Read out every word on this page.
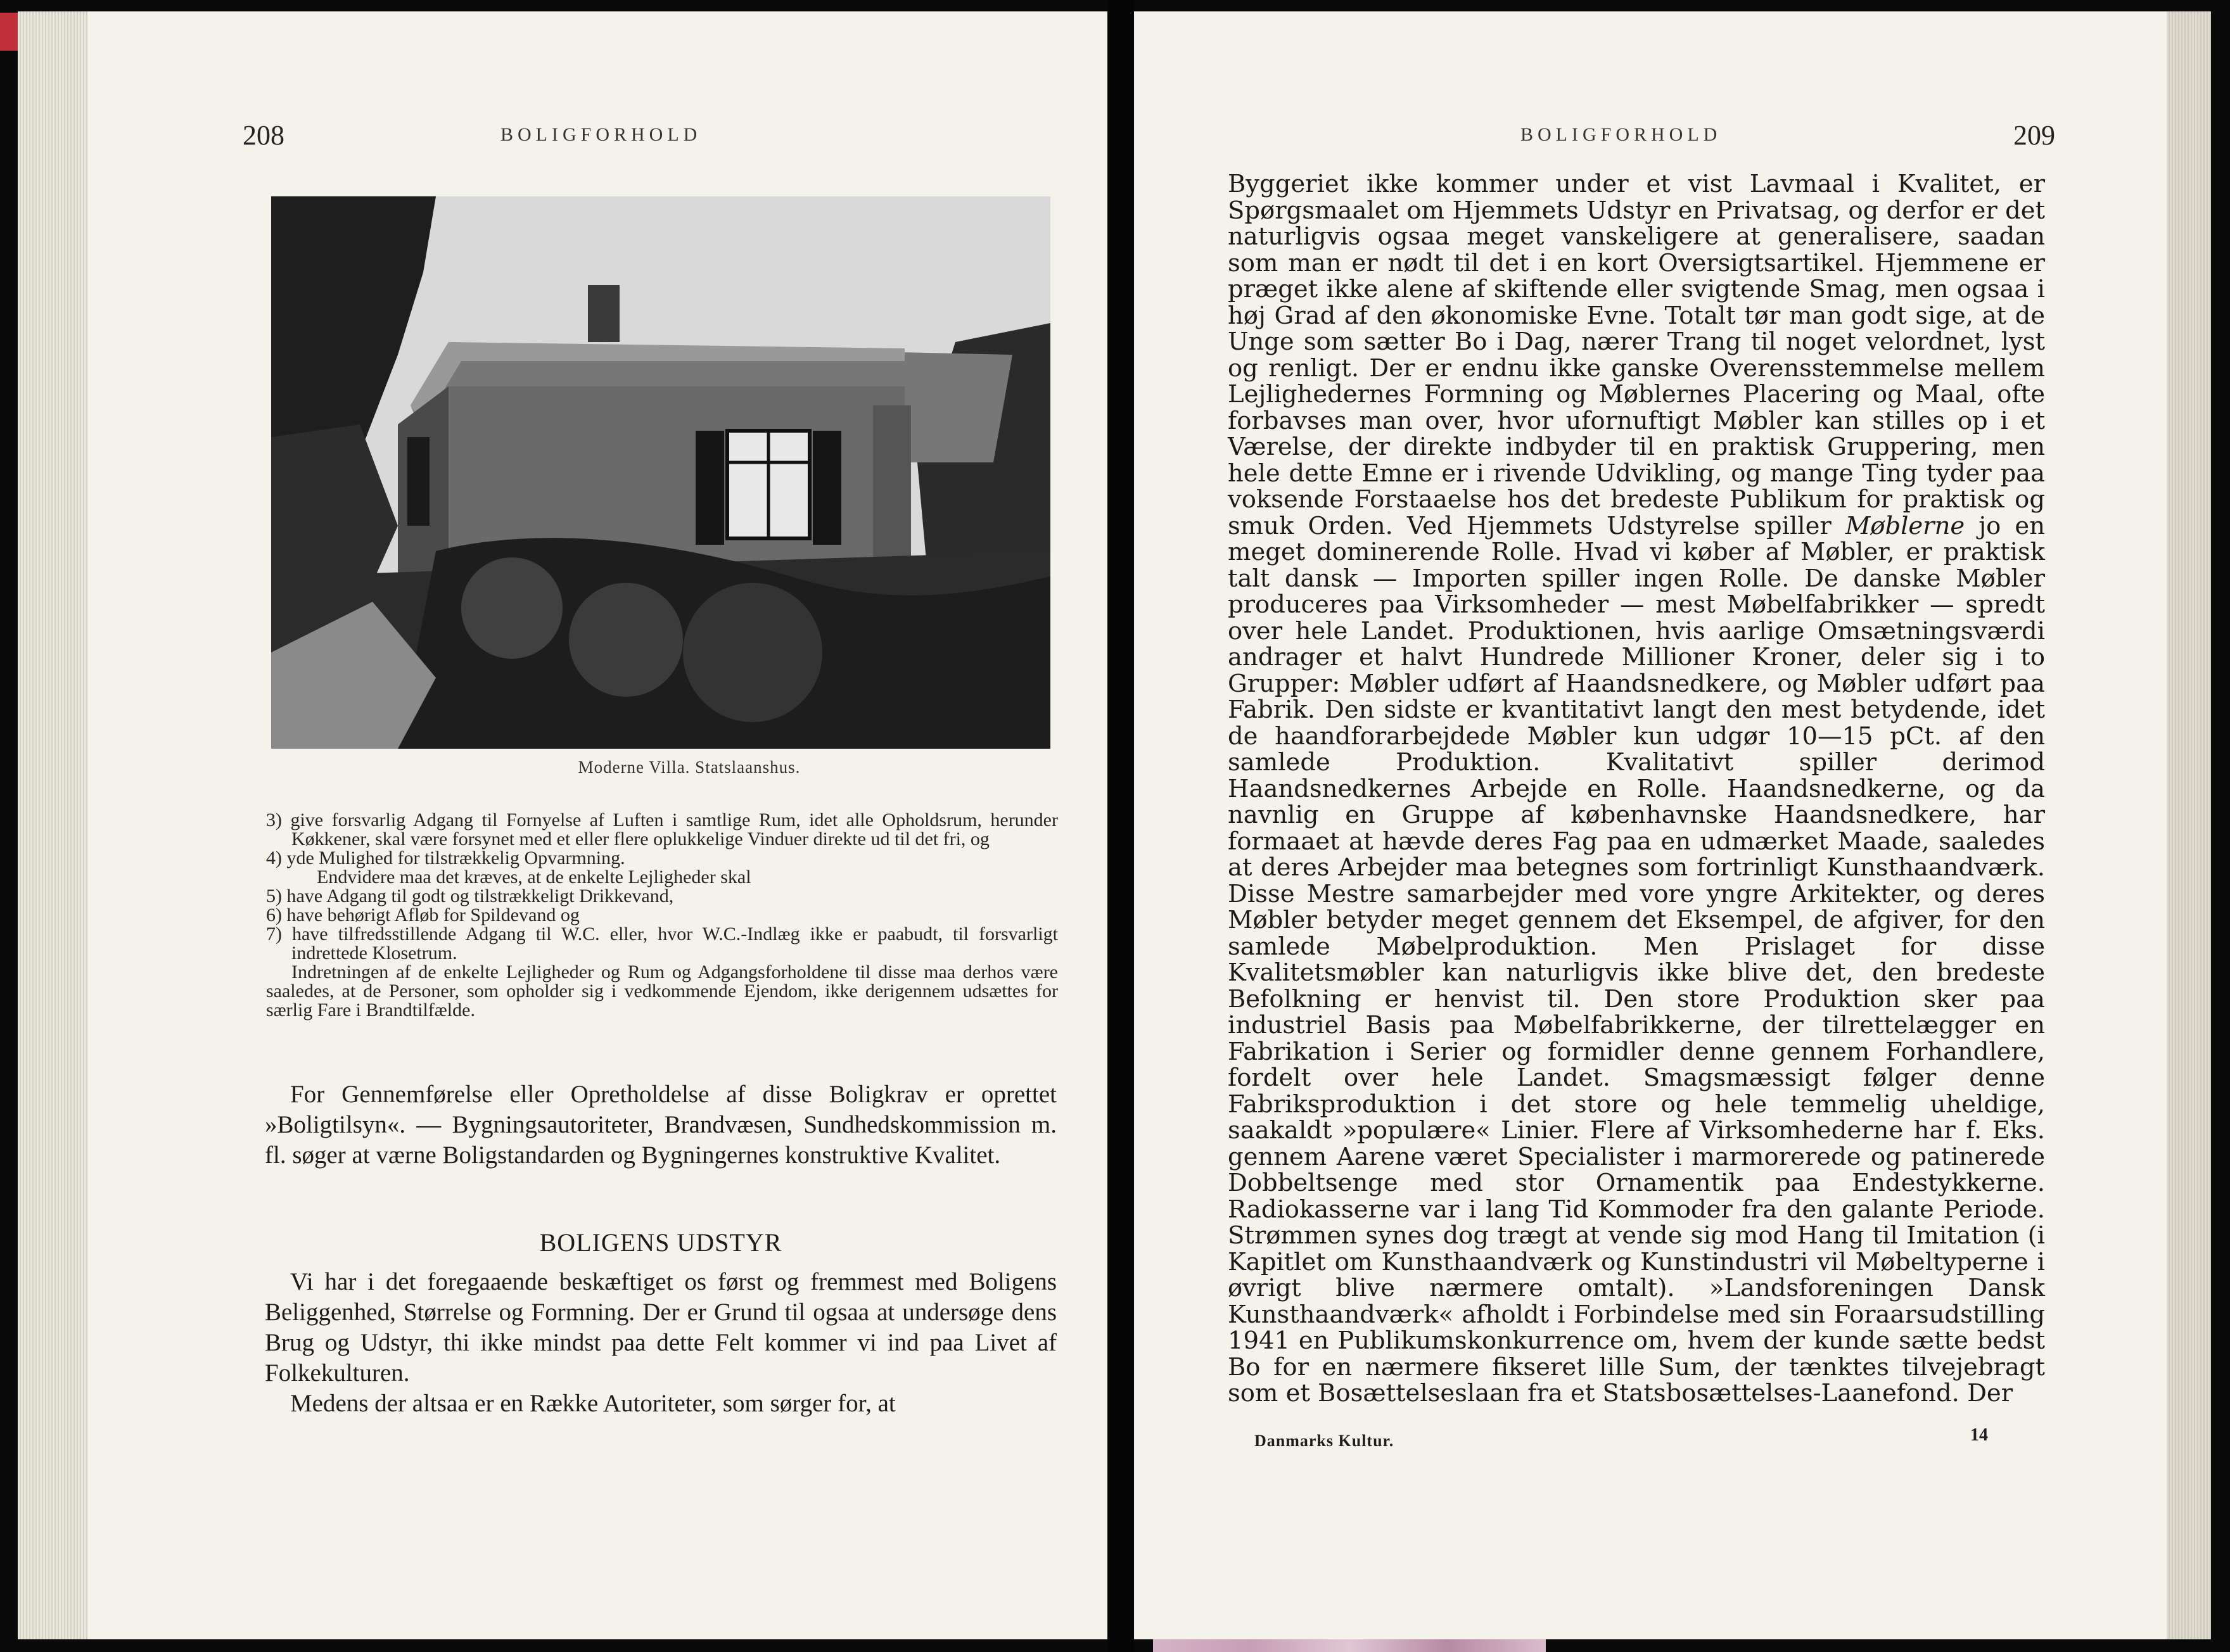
208	BOLIGFORHOLD
Moderne Villa. Statslaanshus.

3) give forsvarlig Adgang til Fornyelse af Luften i samtlige Rum, idet alle Opholdsrum, herunder Køkkener, skal være forsynet med et eller flere oplukkelige Vinduer direkte ud til det fri, og

4) yde Mulighed for tilstrækkelig Opvarmning.

Endvidere maa det kræves, at de enkelte Lejligheder skal

5) have Adgang til godt og tilstrækkeligt Drikkevand,

6) have behørigt Afløb for Spildevand og

7) have tilfredsstillende Adgang til W.C. eller, hvor W.C.-Indlæg ikke er paabudt, til forsvarligt indrettede Klosetrum.

Indretningen af de enkelte Lejligheder og Rum og Adgangsforholdene til disse maa derhos være saaledes, at de Personer, som opholder sig i vedkommende Ejendom, ikke derigennem udsættes for særlig Fare i Brandtilfælde.

For Gennemførelse eller Opretholdelse af disse Boligkrav er oprettet »Boligtilsyn«. — Bygningsautoriteter, Brandvæsen, Sundhedskommission m. fl. søger at værne Boligstandarden og Bygningernes konstruktive Kvalitet.

BOLIGENS UDSTYR

Vi har i det foregaaende beskæftiget os først og fremmest med Boligens Beliggenhed, Størrelse og Formning. Der er Grund til ogsaa at undersøge dens Brug og Udstyr, thi ikke mindst paa dette Felt kommer vi ind paa Livet af Folkekulturen.

Medens der altsaa er en Række Autoriteter, som sørger for, at

BOLIGFORHOLD	209

Byggeriet ikke kommer under et vist Lavmaal i Kvalitet, er Spørgsmaalet om Hjemmets Udstyr en Privatsag, og derfor er det naturligvis ogsaa meget vanskeligere at generalisere, saadan som man er nødt til det i en kort Oversigtsartikel. Hjemmene er præget ikke alene af skiftende eller svigtende Smag, men ogsaa i høj Grad af den økonomiske Evne. Totalt tør man godt sige, at de Unge som sætter Bo i Dag, nærer Trang til noget velordnet, lyst og renligt. Der er endnu ikke ganske Overensstemmelse mellem Lejlighedernes Formning og Møblernes Placering og Maal, ofte forbavses man over, hvor ufornuftigt Møbler kan stilles op i et Værelse, der direkte indbyder til en praktisk Gruppering, men hele dette Emne er i rivende Udvikling, og mange Ting tyder paa voksende Forstaaelse hos det bredeste Publikum for praktisk og smuk Orden. Ved Hjemmets Udstyrelse spiller Møblerne jo en meget dominerende Rolle. Hvad vi køber af Møbler, er praktisk talt dansk — Importen spiller ingen Rolle. De danske Møbler produceres paa Virksomheder — mest Møbelfabrikker — spredt over hele Landet. Produktionen, hvis aarlige Omsætningsværdi andrager et halvt Hundrede Millioner Kroner, deler sig i to Grupper: Møbler udført af Haandsnedkere, og Møbler udført paa Fabrik. Den sidste er kvantitativt langt den mest betydende, idet de haandforarbejdede Møbler kun udgør 10—15 pCt. af den samlede Produktion. Kvalitativt spiller derimod Haandsnedkernes Arbejde en Rolle. Haandsnedkerne, og da navnlig en Gruppe af københavnske Haandsnedkere, har formaaet at hævde deres Fag paa en udmærket Maade, saaledes at deres Arbejder maa betegnes som fortrinligt Kunsthaandværk. Disse Mestre samarbejder med vore yngre Arkitekter, og deres Møbler betyder meget gennem det Eksempel, de afgiver, for den samlede Møbelproduktion. Men Prislaget for disse Kvalitetsmøbler kan naturligvis ikke blive det, den bredeste Befolkning er henvist til. Den store Produktion sker paa industriel Basis paa Møbelfabrikkerne, der tilrettelægger en Fabrikation i Serier og formidler denne gennem Forhandlere, fordelt over hele Landet. Smagsmæssigt følger denne Fabriksproduktion i det store og hele temmelig uheldige, saakaldt »populære« Linier. Flere af Virksomhederne har f. Eks. gennem Aarene været Specialister i marmorerede og patinerede Dobbeltsenge med stor Ornamentik paa Endestykkerne. Radiokasserne var i lang Tid Kommoder fra den galante Periode. Strømmen synes dog trægt at vende sig mod Hang til Imitation (i Kapitlet om Kunsthaandværk og Kunstindustri vil Møbeltyperne i øvrigt blive nærmere omtalt). »Landsforeningen Dansk Kunsthaandværk« afholdt i Forbindelse med sin Foraarsudstilling 1941 en Publikumskonkurrence om, hvem der kunde sætte bedst Bo for en nærmere fikseret lille Sum, der tænktes tilvejebragt som et Bosættelseslaan fra et Statsbosættelses-Laanefond. Der

Danmarks Kultur.	14
